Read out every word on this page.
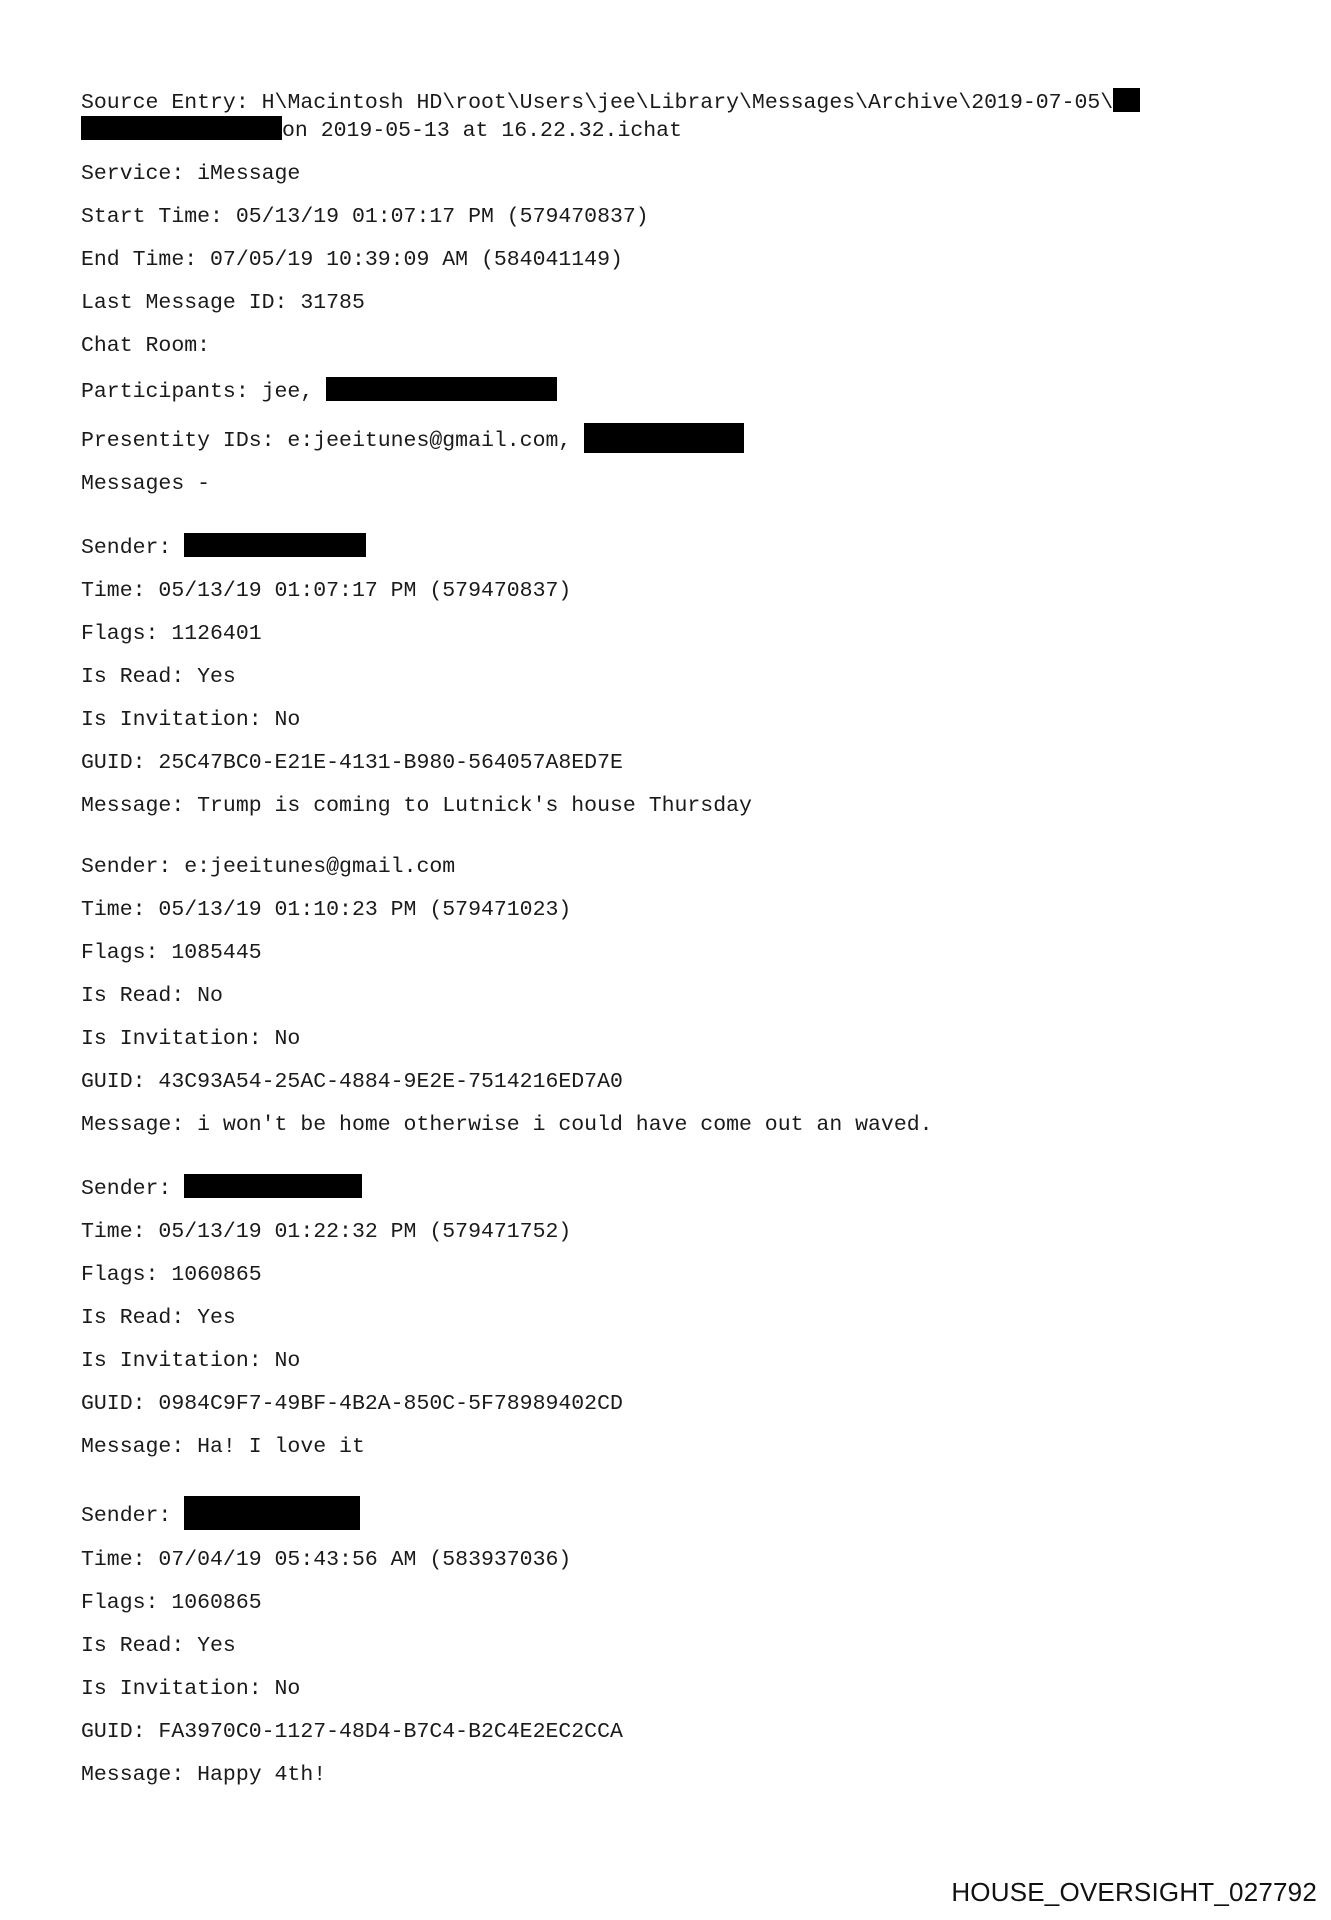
Source Entry: H\Macintosh HD\root\Users\jee\Library\Messages\Archive\2019-07-05\

on 2019-05-13 at 16.22.32.ichat

Service: iMessage

Start Time: 05/13/19 01:07:17 PM (579470837)

End Time: 07/05/19 10:39:09 AM (584041149)

Last Message ID: 31785

Chat Room:

Participants: jee,

Presentity IDs: e:jeeitunes@gmail.com,

Messages -

Sender:

Time: 05/13/19 01:07:17 PM (579470837)

Flags: 1126401

Is Read: Yes

Is Invitation: No

GUID: 25C47BC0-E21E-4131-B980-564057A8ED7E

Message: Trump is coming to Lutnick's house Thursday

Sender: e:jeeitunes@gmail.com

Time: 05/13/19 01:10:23 PM (579471023)

Flags: 1085445

Is Read: No

Is Invitation: No

GUID: 43C93A54-25AC-4884-9E2E-7514216ED7A0

Message: i won't be home otherwise i could have come out an waved.

Sender:

Time: 05/13/19 01:22:32 PM (579471752)

Flags: 1060865

Is Read: Yes

Is Invitation: No

GUID: 0984C9F7-49BF-4B2A-850C-5F78989402CD

Message: Ha! I love it

Sender:

Time: 07/04/19 05:43:56 AM (583937036)

Flags: 1060865

Is Read: Yes

Is Invitation: No

GUID: FA3970C0-1127-48D4-B7C4-B2C4E2EC2CCA

Message: Happy 4th!

HOUSE_OVERSIGHT_027792
